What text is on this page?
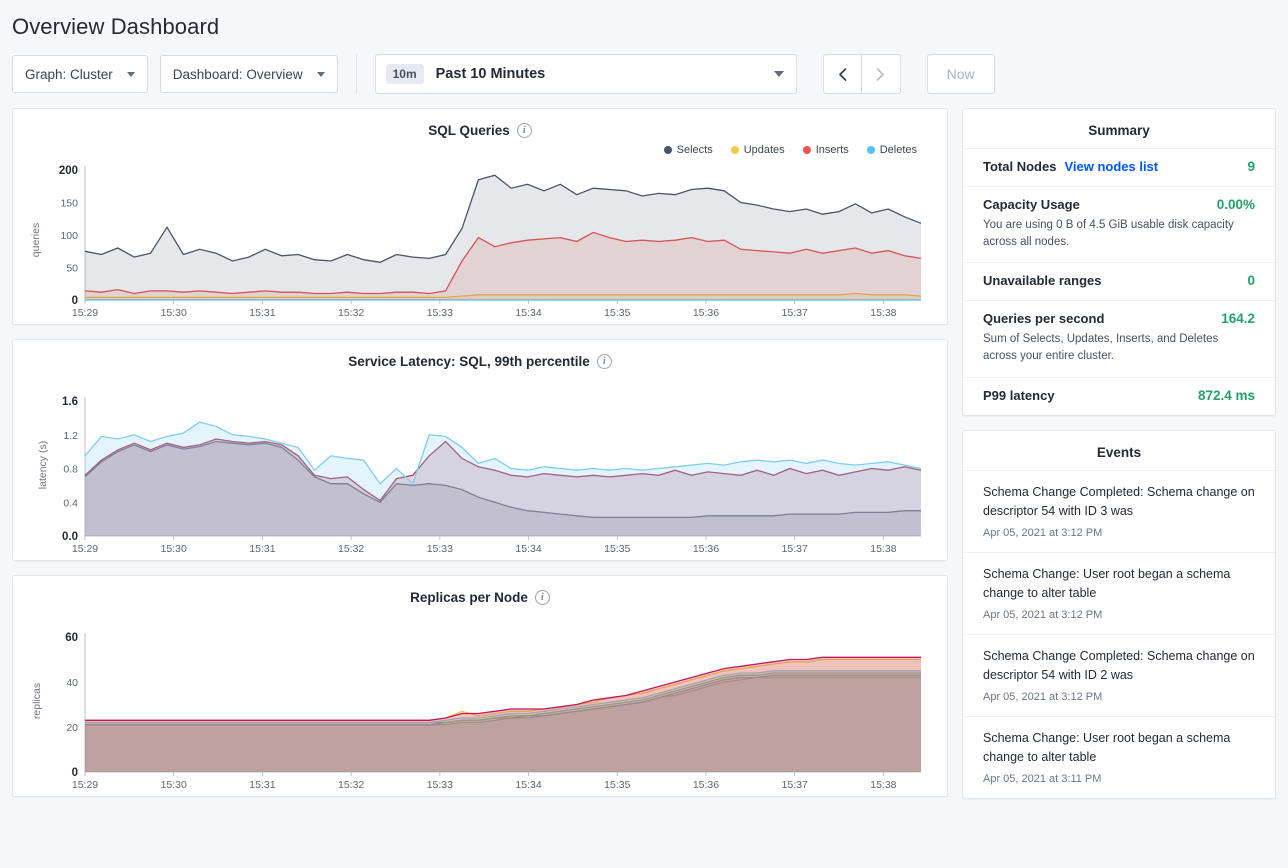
Overview Dashboard
Graph: Cluster	Dashboard: Overview	10m	Past 10 Minutes	Now
SQL Queries	i
Selects	Updates	Inserts	Deletes
queries
200
150
100
50
0
15:29	15:30	15:31	15:32	15:33	15:34	15:35	15:36	15:37	15:38
Service Latency: SQL, 99th percentile	i
latency (s)
1.6
1.2
0.8
0.4
0.0
15:29	15:30	15:31	15:32	15:33	15:34	15:35	15:36	15:37	15:38
Replicas per Node	i
replicas
60
40
20
0
15:29	15:30	15:31	15:32	15:33	15:34	15:35	15:36	15:37	15:38
Summary
Total Nodes View nodes list	9
Capacity Usage	0.00%
You are using 0 B of 4.5 GiB usable disk capacity across all nodes.
Unavailable ranges	0
Queries per second	164.2
Sum of Selects, Updates, Inserts, and Deletes across your entire cluster.
P99 latency	872.4 ms
Events
Schema Change Completed: Schema change on descriptor 54 with ID 3 was
Apr 05, 2021 at 3:12 PM
Schema Change: User root began a schema change to alter table
Apr 05, 2021 at 3:12 PM
Schema Change Completed: Schema change on descriptor 54 with ID 2 was
Apr 05, 2021 at 3:12 PM
Schema Change: User root began a schema change to alter table
Apr 05, 2021 at 3:11 PM
